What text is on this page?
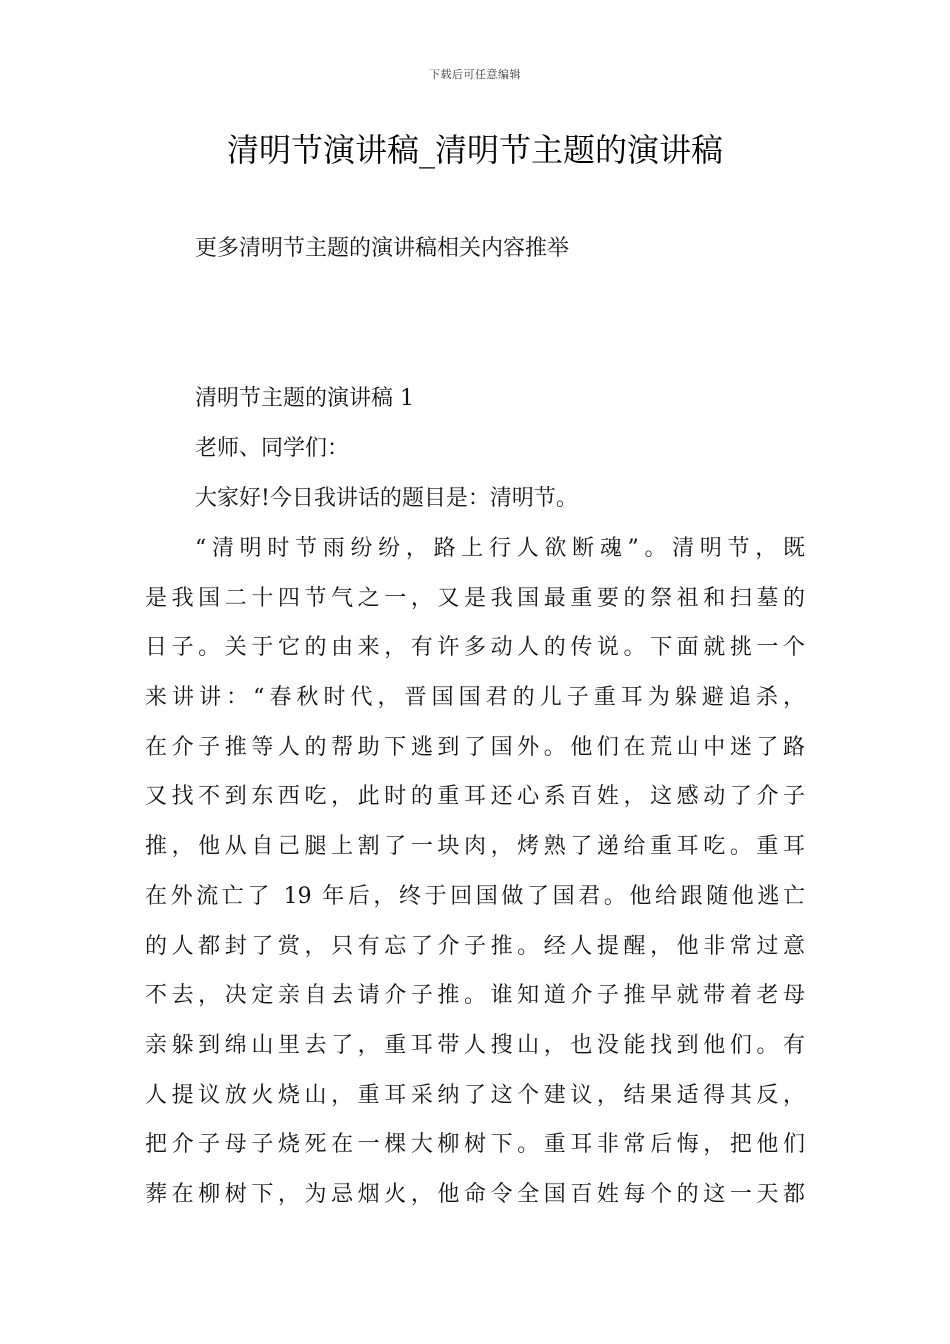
下载后可任意编辑
清明节演讲稿_清明节主题的演讲稿
更多清明节主题的演讲稿相关内容推举
清明节主题的演讲稿 1
老师、同学们：
大家好!今日我讲话的题目是：清明节。
“清明时节雨纷纷，路上行人欲断魂”。清明节，既
是我国二十四节气之一，又是我国最重要的祭祖和扫墓的
日子。关于它的由来，有许多动人的传说。下面就挑一个
来讲讲：“春秋时代，晋国国君的儿子重耳为躲避追杀，
在介子推等人的帮助下逃到了国外。他们在荒山中迷了路
又找不到东西吃，此时的重耳还心系百姓，这感动了介子
推，他从自己腿上割了一块肉，烤熟了递给重耳吃。重耳
在外流亡了 19 年后，终于回国做了国君。他给跟随他逃亡
的人都封了赏，只有忘了介子推。经人提醒，他非常过意
不去，决定亲自去请介子推。谁知道介子推早就带着老母
亲躲到绵山里去了，重耳带人搜山，也没能找到他们。有
人提议放火烧山，重耳采纳了这个建议，结果适得其反，
把介子母子烧死在一棵大柳树下。重耳非常后悔，把他们
葬在柳树下，为忌烟火，他命令全国百姓每个的这一天都
